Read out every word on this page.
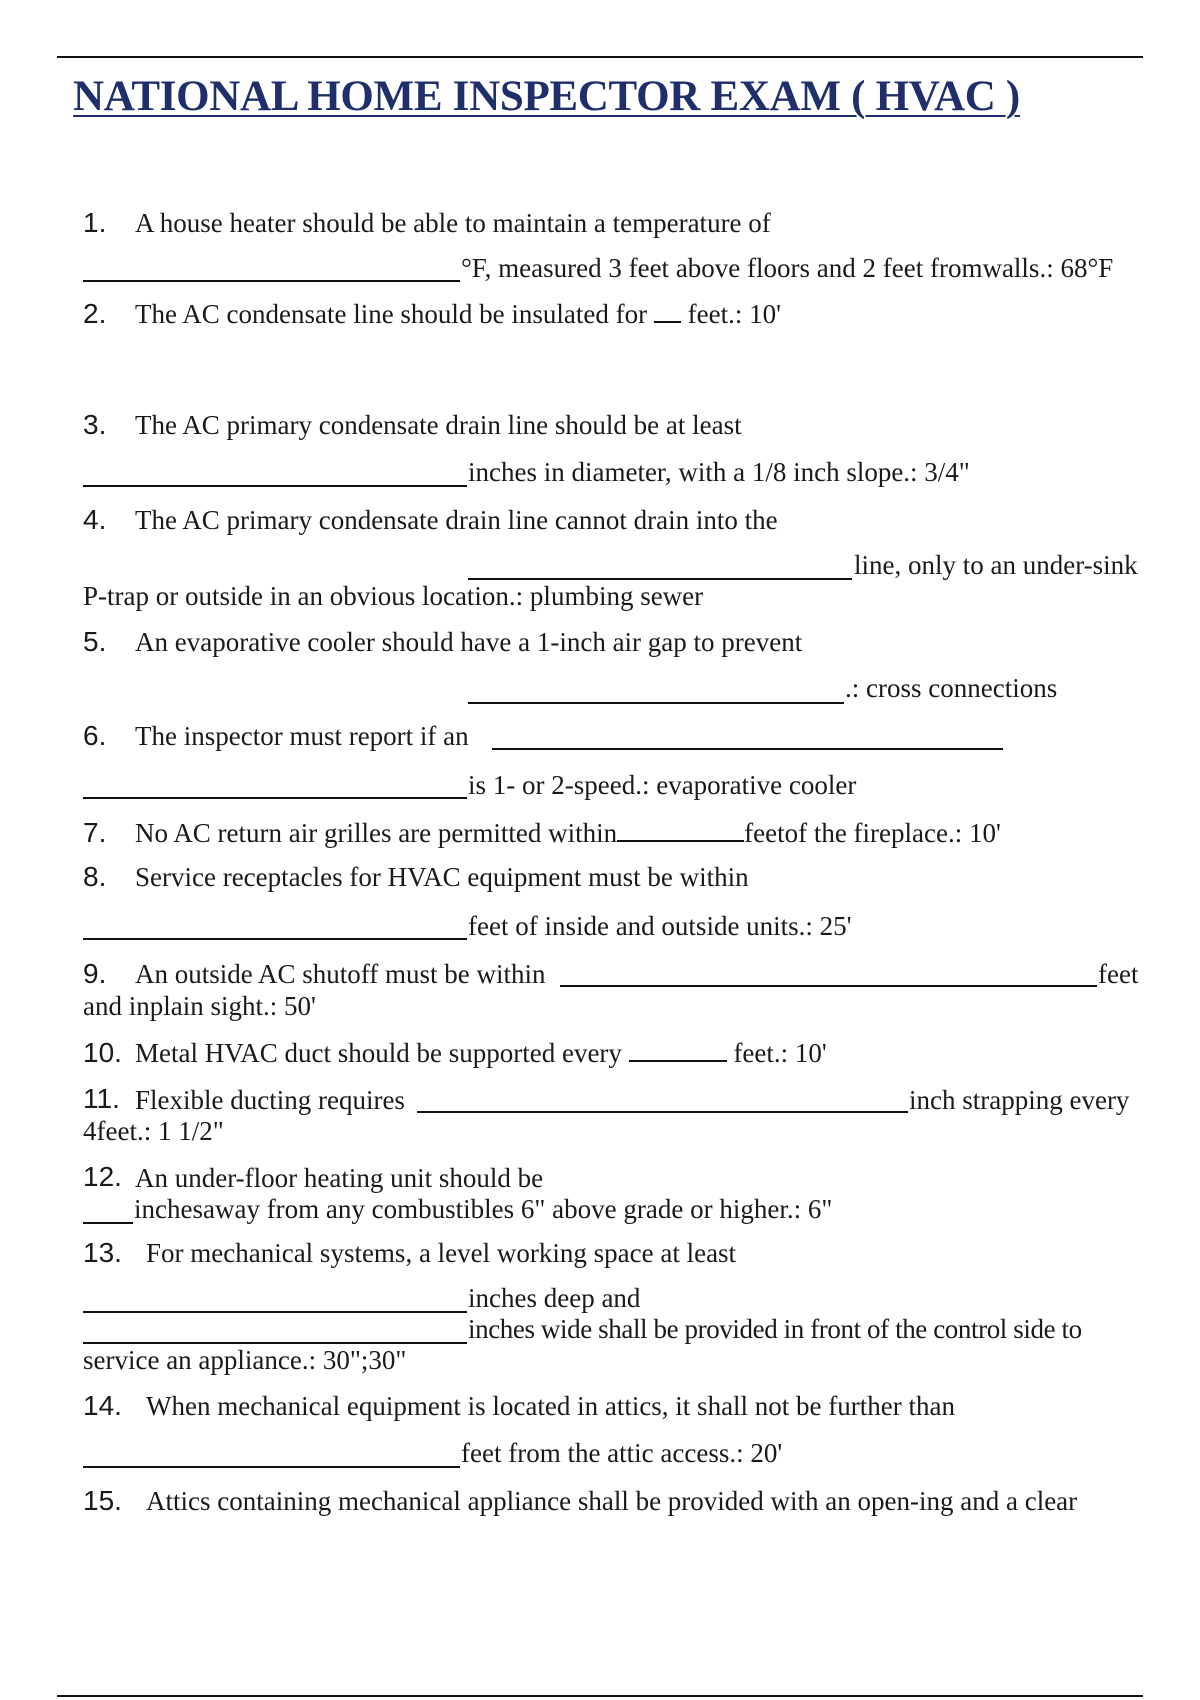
NATIONAL HOME INSPECTOR EXAM ( HVAC )
1. A house heater should be able to maintain a temperature of
°F, measured 3 feet above floors and 2 feet fromwalls.: 68°F
2. The AC condensate line should be insulated for feet.: 10'
3. The AC primary condensate drain line should be at least
inches in diameter, with a 1/8 inch slope.: 3/4"
4. The AC primary condensate drain line cannot drain into the
line, only to an under-sink
P-trap or outside in an obvious location.: plumbing sewer
5. An evaporative cooler should have a 1-inch air gap to prevent
.: cross connections
6. The inspector must report if an
is 1- or 2-speed.: evaporative cooler
7. No AC return air grilles are permitted within	feetof the fireplace.: 10'
8. Service receptacles for HVAC equipment must be within
feet of inside and outside units.: 25'
9. An outside AC shutoff must be within	feet
and inplain sight.: 50'
10. Metal HVAC duct should be supported every	feet.: 10'
11. Flexible ducting requires	inch strapping every
4feet.: 1 1/2"
12. An under-floor heating unit should be
inchesaway from any combustibles 6" above grade or higher.: 6"
13. For mechanical systems, a level working space at least
inches deep and
inches wide shall be provided in front of the control side to
service an appliance.: 30";30"
14. When mechanical equipment is located in attics, it shall not be further than
feet from the attic access.: 20'
15. Attics containing mechanical appliance shall be provided with an open-ing and a clear
